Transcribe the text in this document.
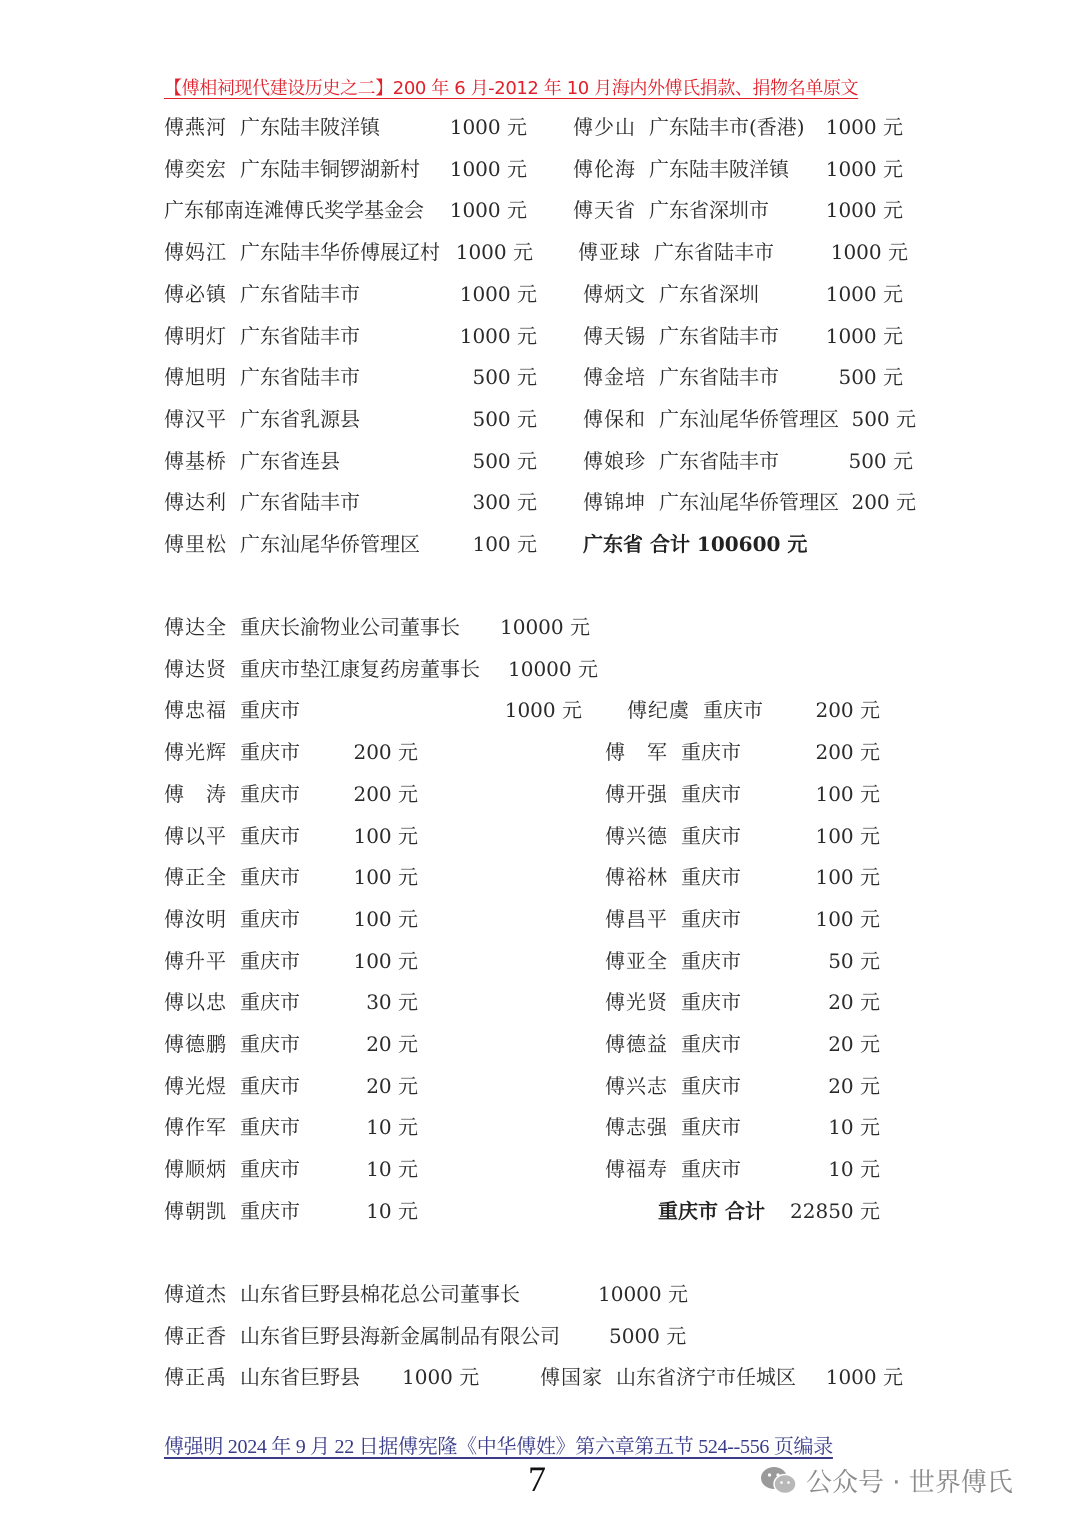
【傅相祠现代建设历史之二】200 年 6 月-2012 年 10 月海内外傅氏捐款、捐物名单原文
傅燕河 广东陆丰陂洋镇	1000 元 傅少山 广东陆丰市(香港)	1000 元
傅奕宏 广东陆丰铜锣湖新村	1000 元 傅伦海 广东陆丰陂洋镇	1000 元
广东郁南连滩傅氏奖学基金会	1000 元 傅天省 广东省深圳市	1000 元
傅妈江 广东陆丰华侨傅展辽村 1000 元 傅亚球 广东省陆丰市	1000 元
傅必镇 广东省陆丰市	1000 元 傅炳文 广东省深圳	1000 元
傅明灯 广东省陆丰市	1000 元 傅天锡 广东省陆丰市	1000 元
傅旭明 广东省陆丰市	500 元 傅金培 广东省陆丰市	500 元
傅汉平 广东省乳源县	500 元 傅保和 广东汕尾华侨管理区 500 元
傅基桥 广东省连县	500 元 傅娘珍 广东省陆丰市	500 元
傅达利 广东省陆丰市	300 元 傅锦坤 广东汕尾华侨管理区 200 元
傅里松 广东汕尾华侨管理区	100 元 广东省 合计 100600 元
傅达全 重庆长渝物业公司董事长 10000 元
傅达贤 重庆市垫江康复药房董事长 10000 元
傅忠福 重庆市	1000 元 傅纪虞 重庆市	200 元
傅光辉 重庆市	200 元	傅　军 重庆市	200 元
傅　涛 重庆市	200 元	傅开强 重庆市	100 元
傅以平 重庆市	100 元	傅兴德 重庆市	100 元
傅正全 重庆市	100 元	傅裕林 重庆市	100 元
傅汝明 重庆市	100 元	傅昌平 重庆市	100 元
傅升平 重庆市	100 元	傅亚全 重庆市	50 元
傅以忠 重庆市	30 元	傅光贤 重庆市	20 元
傅德鹏 重庆市	20 元	傅德益 重庆市	20 元
傅光煜 重庆市	20 元	傅兴志 重庆市	20 元
傅作军 重庆市	10 元	傅志强 重庆市	10 元
傅顺炳 重庆市	10 元	傅福寿 重庆市	10 元
傅朝凯 重庆市	10 元	重庆市 合计	22850 元
傅道杰 山东省巨野县棉花总公司董事长	10000 元
傅正香 山东省巨野县海新金属制品有限公司 5000 元
傅正禹 山东省巨野县 1000 元	傅国家 山东省济宁市任城区	1000 元
傅强明 2024 年 9 月 22 日据傅宪隆《中华傅姓》第六章第五节 524--556 页编录
7	公众号 · 世界傅氏
